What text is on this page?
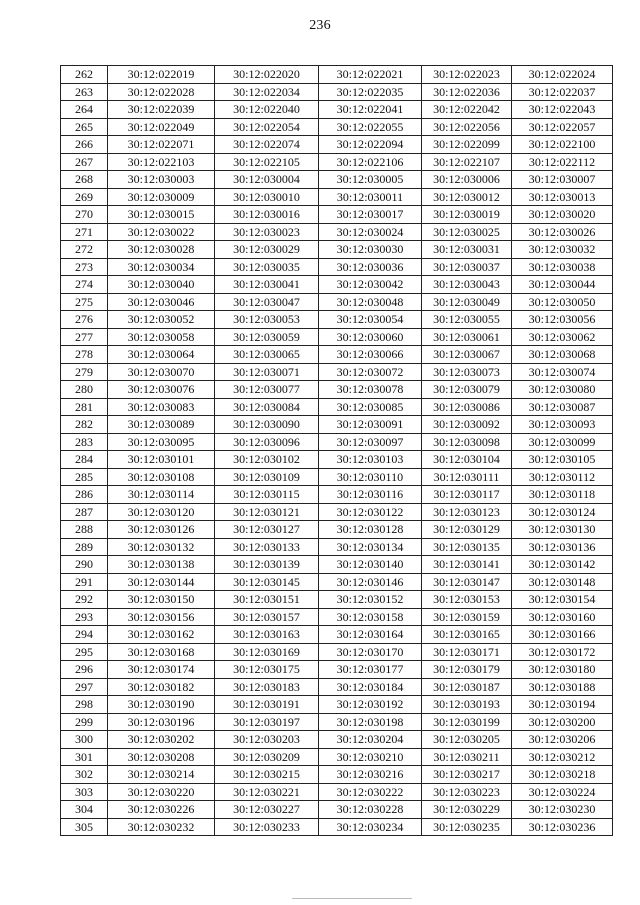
236
262	30:12:022019	30:12:022020	30:12:022021	30:12:022023	30:12:022024
263	30:12:022028	30:12:022034	30:12:022035	30:12:022036	30:12:022037
264	30:12:022039	30:12:022040	30:12:022041	30:12:022042	30:12:022043
265	30:12:022049	30:12:022054	30:12:022055	30:12:022056	30:12:022057
266	30:12:022071	30:12:022074	30:12:022094	30:12:022099	30:12:022100
267	30:12:022103	30:12:022105	30:12:022106	30:12:022107	30:12:022112
268	30:12:030003	30:12:030004	30:12:030005	30:12:030006	30:12:030007
269	30:12:030009	30:12:030010	30:12:030011	30:12:030012	30:12:030013
270	30:12:030015	30:12:030016	30:12:030017	30:12:030019	30:12:030020
271	30:12:030022	30:12:030023	30:12:030024	30:12:030025	30:12:030026
272	30:12:030028	30:12:030029	30:12:030030	30:12:030031	30:12:030032
273	30:12:030034	30:12:030035	30:12:030036	30:12:030037	30:12:030038
274	30:12:030040	30:12:030041	30:12:030042	30:12:030043	30:12:030044
275	30:12:030046	30:12:030047	30:12:030048	30:12:030049	30:12:030050
276	30:12:030052	30:12:030053	30:12:030054	30:12:030055	30:12:030056
277	30:12:030058	30:12:030059	30:12:030060	30:12:030061	30:12:030062
278	30:12:030064	30:12:030065	30:12:030066	30:12:030067	30:12:030068
279	30:12:030070	30:12:030071	30:12:030072	30:12:030073	30:12:030074
280	30:12:030076	30:12:030077	30:12:030078	30:12:030079	30:12:030080
281	30:12:030083	30:12:030084	30:12:030085	30:12:030086	30:12:030087
282	30:12:030089	30:12:030090	30:12:030091	30:12:030092	30:12:030093
283	30:12:030095	30:12:030096	30:12:030097	30:12:030098	30:12:030099
284	30:12:030101	30:12:030102	30:12:030103	30:12:030104	30:12:030105
285	30:12:030108	30:12:030109	30:12:030110	30:12:030111	30:12:030112
286	30:12:030114	30:12:030115	30:12:030116	30:12:030117	30:12:030118
287	30:12:030120	30:12:030121	30:12:030122	30:12:030123	30:12:030124
288	30:12:030126	30:12:030127	30:12:030128	30:12:030129	30:12:030130
289	30:12:030132	30:12:030133	30:12:030134	30:12:030135	30:12:030136
290	30:12:030138	30:12:030139	30:12:030140	30:12:030141	30:12:030142
291	30:12:030144	30:12:030145	30:12:030146	30:12:030147	30:12:030148
292	30:12:030150	30:12:030151	30:12:030152	30:12:030153	30:12:030154
293	30:12:030156	30:12:030157	30:12:030158	30:12:030159	30:12:030160
294	30:12:030162	30:12:030163	30:12:030164	30:12:030165	30:12:030166
295	30:12:030168	30:12:030169	30:12:030170	30:12:030171	30:12:030172
296	30:12:030174	30:12:030175	30:12:030177	30:12:030179	30:12:030180
297	30:12:030182	30:12:030183	30:12:030184	30:12:030187	30:12:030188
298	30:12:030190	30:12:030191	30:12:030192	30:12:030193	30:12:030194
299	30:12:030196	30:12:030197	30:12:030198	30:12:030199	30:12:030200
300	30:12:030202	30:12:030203	30:12:030204	30:12:030205	30:12:030206
301	30:12:030208	30:12:030209	30:12:030210	30:12:030211	30:12:030212
302	30:12:030214	30:12:030215	30:12:030216	30:12:030217	30:12:030218
303	30:12:030220	30:12:030221	30:12:030222	30:12:030223	30:12:030224
304	30:12:030226	30:12:030227	30:12:030228	30:12:030229	30:12:030230
305	30:12:030232	30:12:030233	30:12:030234	30:12:030235	30:12:030236
